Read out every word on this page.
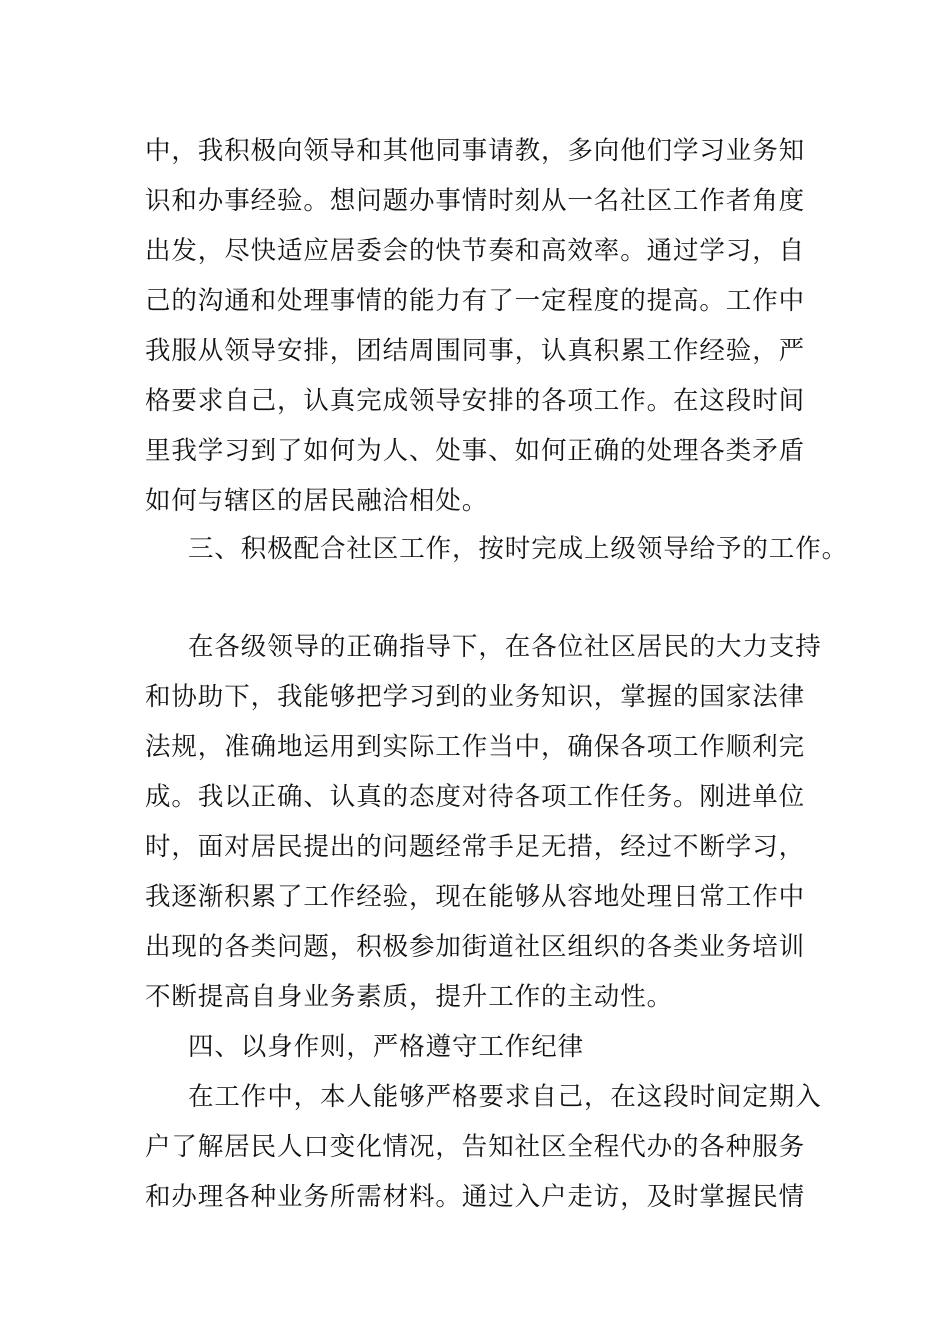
中，我积极向领导和其他同事请教，多向他们学习业务知
识和办事经验。想问题办事情时刻从一名社区工作者角度
出发，尽快适应居委会的快节奏和高效率。通过学习，自
己的沟通和处理事情的能力有了一定程度的提高。工作中
我服从领导安排，团结周围同事，认真积累工作经验，严
格要求自己，认真完成领导安排的各项工作。在这段时间
里我学习到了如何为人、处事、如何正确的处理各类矛盾
如何与辖区的居民融洽相处。
三、积极配合社区工作，按时完成上级领导给予的工作。
在各级领导的正确指导下，在各位社区居民的大力支持
和协助下，我能够把学习到的业务知识，掌握的国家法律
法规，准确地运用到实际工作当中，确保各项工作顺利完
成。我以正确、认真的态度对待各项工作任务。刚进单位
时，面对居民提出的问题经常手足无措，经过不断学习，
我逐渐积累了工作经验，现在能够从容地处理日常工作中
出现的各类问题，积极参加街道社区组织的各类业务培训
不断提高自身业务素质，提升工作的主动性。
四、以身作则，严格遵守工作纪律
在工作中，本人能够严格要求自己，在这段时间定期入
户了解居民人口变化情况，告知社区全程代办的各种服务
和办理各种业务所需材料。通过入户走访，及时掌握民情
